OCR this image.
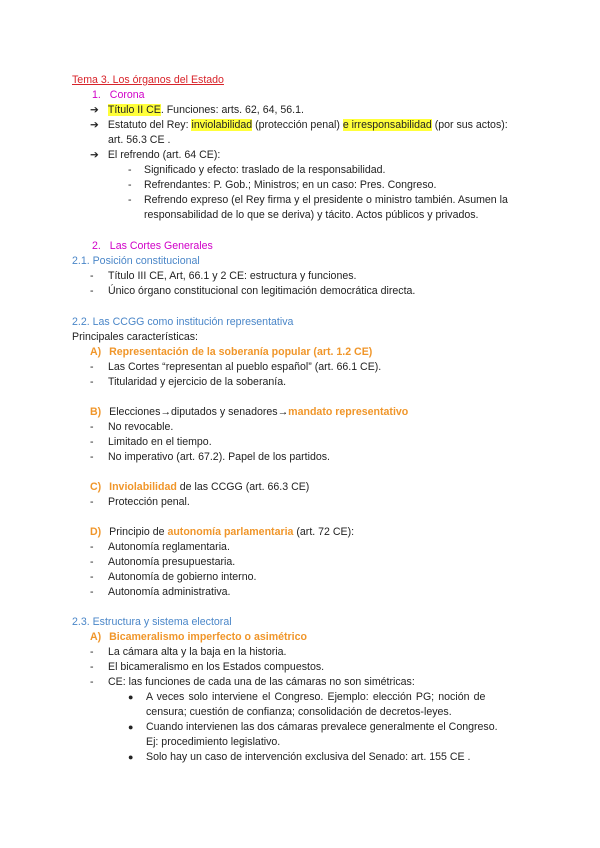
Tema 3. Los órganos del Estado
1. Corona
➔ Título II CE. Funciones: arts. 62, 64, 56.1.
➔ Estatuto del Rey: inviolabilidad (protección penal) e irresponsabilidad (por sus actos):
art. 56.3 CE .
➔ El refrendo (art. 64 CE):
- Significado y efecto: traslado de la responsabilidad.
- Refrendantes: P. Gob.; Ministros; en un caso: Pres. Congreso.
- Refrendo expreso (el Rey firma y el presidente o ministro también. Asumen la
responsabilidad de lo que se deriva) y tácito. Actos públicos y privados.
2. Las Cortes Generales
2.1. Posición constitucional
- Título III CE, Art, 66.1 y 2 CE: estructura y funciones.
- Único órgano constitucional con legitimación democrática directa.
2.2. Las CCGG como institución representativa
Principales características:
A) Representación de la soberanía popular (art. 1.2 CE)
- Las Cortes “representan al pueblo español” (art. 66.1 CE).
- Titularidad y ejercicio de la soberanía.
B) Elecciones→diputados y senadores→mandato representativo
- No revocable.
- Limitado en el tiempo.
- No imperativo (art. 67.2). Papel de los partidos.
C) Inviolabilidad de las CCGG (art. 66.3 CE)
- Protección penal.
D) Principio de autonomía parlamentaria (art. 72 CE):
- Autonomía reglamentaria.
- Autonomía presupuestaria.
- Autonomía de gobierno interno.
- Autonomía administrativa.
2.3. Estructura y sistema electoral
A) Bicameralismo imperfecto o asimétrico
- La cámara alta y la baja en la historia.
- El bicameralismo en los Estados compuestos.
- CE: las funciones de cada una de las cámaras no son simétricas:
● A veces solo interviene el Congreso. Ejemplo: elección PG; noción de
censura; cuestión de confianza; consolidación de decretos-leyes.
● Cuando intervienen las dos cámaras prevalece generalmente el Congreso.
Ej: procedimiento legislativo.
● Solo hay un caso de intervención exclusiva del Senado: art. 155 CE .
